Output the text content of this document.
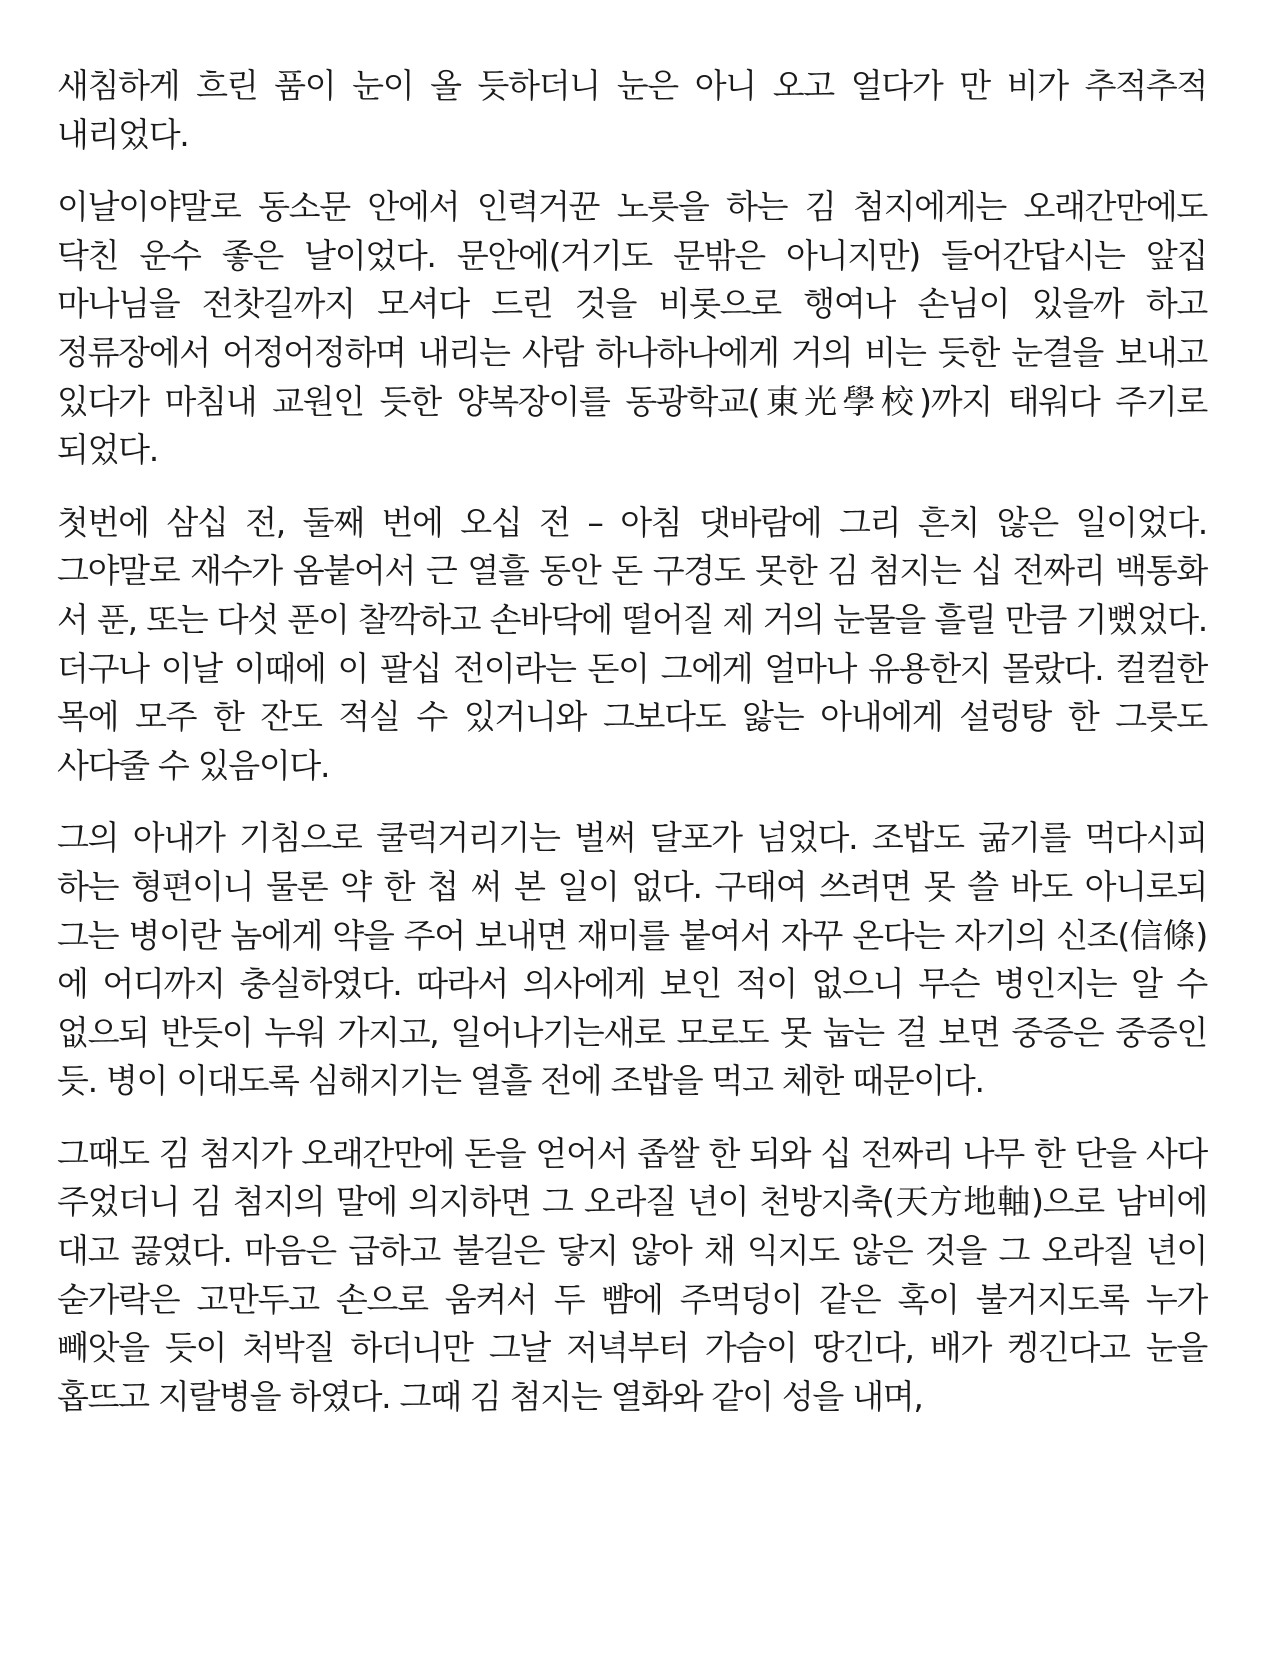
새침하게 흐린 품이 눈이 올 듯하더니 눈은 아니 오고 얼다가 만 비가 추적추적 내리었다.

이날이야말로 동소문 안에서 인력거꾼 노릇을 하는 김 첨지에게는 오래간만에도 닥친 운수 좋은 날이었다. 문안에(거기도 문밖은 아니지만) 들어간답시는 앞집 마나님을 전찻길까지 모셔다 드린 것을 비롯으로 행여나 손님이 있을까 하고 정류장에서 어정어정하며 내리는 사람 하나하나에게 거의 비는 듯한 눈결을 보내고 있다가 마침내 교원인 듯한 양복장이를 동광학교(東光學校)까지 태워다 주기로 되었다.

첫번에 삼십 전, 둘째 번에 오십 전 – 아침 댓바람에 그리 흔치 않은 일이었다. 그야말로 재수가 옴붙어서 근 열흘 동안 돈 구경도 못한 김 첨지는 십 전짜리 백통화 서 푼, 또는 다섯 푼이 찰깍하고 손바닥에 떨어질 제 거의 눈물을 흘릴 만큼 기뻤었다. 더구나 이날 이때에 이 팔십 전이라는 돈이 그에게 얼마나 유용한지 몰랐다. 컬컬한 목에 모주 한 잔도 적실 수 있거니와 그보다도 앓는 아내에게 설렁탕 한 그릇도 사다줄 수 있음이다.

그의 아내가 기침으로 쿨럭거리기는 벌써 달포가 넘었다. 조밥도 굶기를 먹다시피 하는 형편이니 물론 약 한 첩 써 본 일이 없다. 구태여 쓰려면 못 쓸 바도 아니로되 그는 병이란 놈에게 약을 주어 보내면 재미를 붙여서 자꾸 온다는 자기의 신조(信條)에 어디까지 충실하였다. 따라서 의사에게 보인 적이 없으니 무슨 병인지는 알 수 없으되 반듯이 누워 가지고, 일어나기는새로 모로도 못 눕는 걸 보면 중증은 중증인 듯. 병이 이대도록 심해지기는 열흘 전에 조밥을 먹고 체한 때문이다.

그때도 김 첨지가 오래간만에 돈을 얻어서 좁쌀 한 되와 십 전짜리 나무 한 단을 사다 주었더니 김 첨지의 말에 의지하면 그 오라질 년이 천방지축(天方地軸)으로 남비에 대고 끓였다. 마음은 급하고 불길은 닿지 않아 채 익지도 않은 것을 그 오라질 년이 숟가락은 고만두고 손으로 움켜서 두 뺨에 주먹덩이 같은 혹이 불거지도록 누가 빼앗을 듯이 처박질 하더니만 그날 저녁부터 가슴이 땅긴다, 배가 켕긴다고 눈을 홉뜨고 지랄병을 하였다. 그때 김 첨지는 열화와 같이 성을 내며,
